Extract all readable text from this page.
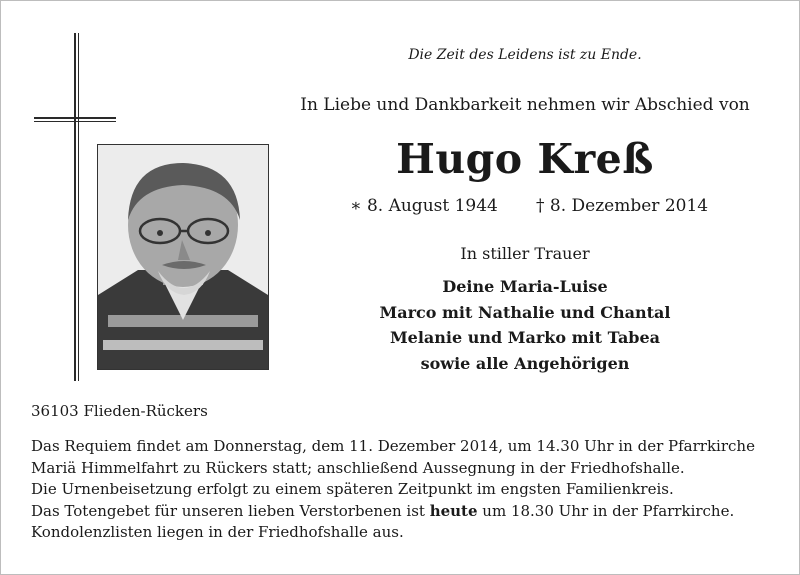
Die Zeit des Leidens ist zu Ende.
In Liebe und Dankbarkeit nehmen wir Abschied von
Hugo Kreß
∗ 8. August 1944 † 8. Dezember 2014
In stiller Trauer
Deine Maria-Luise
Marco mit Nathalie und Chantal
Melanie und Marko mit Tabea
sowie alle Angehörigen
36103 Flieden-Rückers

Das Requiem findet am Donnerstag, dem 11. Dezember 2014, um 14.30 Uhr in der Pfarrkirche

Mariä Himmelfahrt zu Rückers statt; anschließend Aussegnung in der Friedhofshalle.

Die Urnenbeisetzung erfolgt zu einem späteren Zeitpunkt im engsten Familienkreis.

Das Totengebet für unseren lieben Verstorbenen ist heute um 18.30 Uhr in der Pfarrkirche.

Kondolenzlisten liegen in der Friedhofshalle aus.
